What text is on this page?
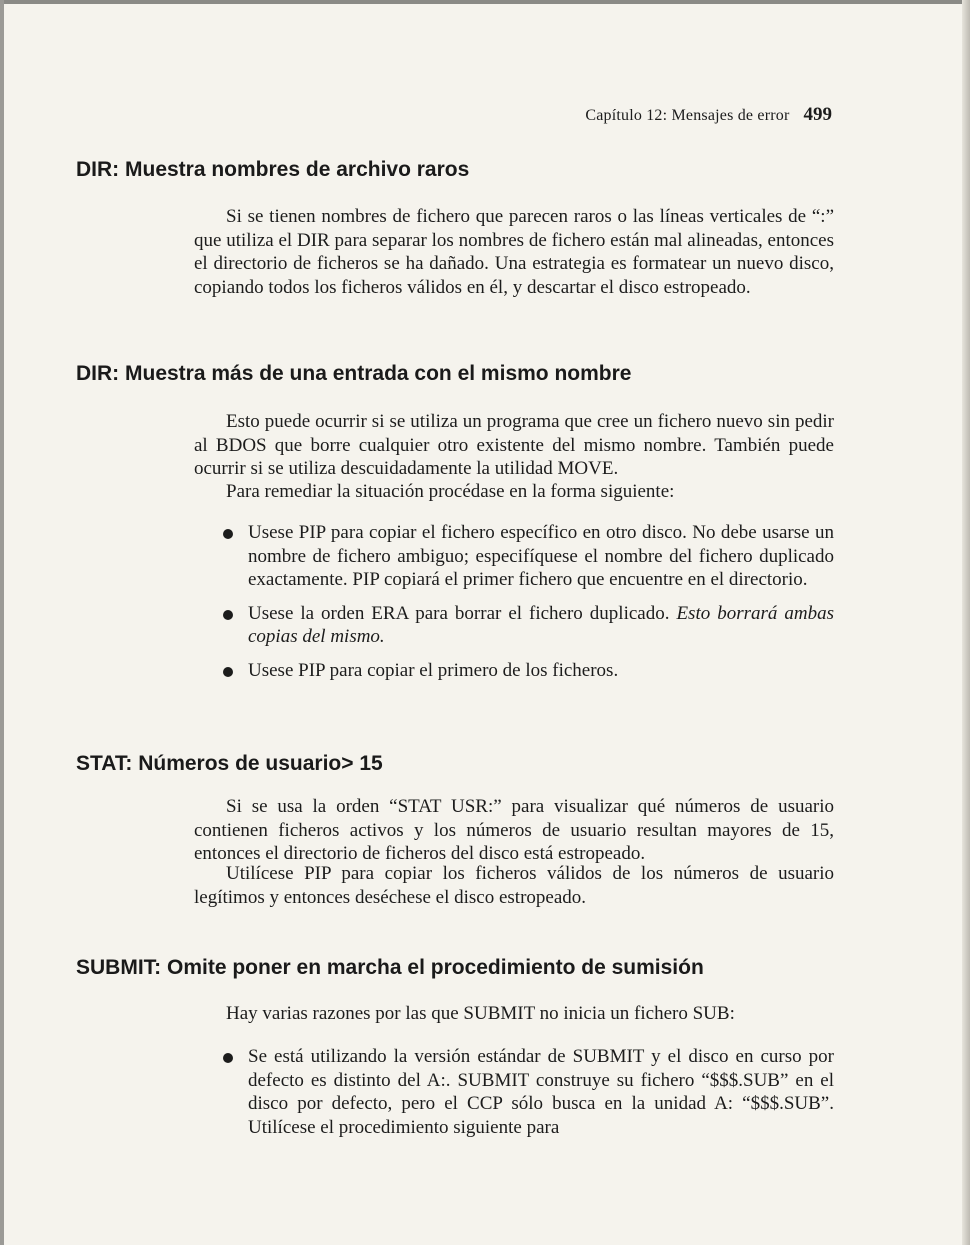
Capítulo 12: Mensajes de error 499
DIR: Muestra nombres de archivo raros

Si se tienen nombres de fichero que parecen raros o las líneas verticales de “:” que utiliza el DIR para separar los nombres de fichero están mal alineadas, entonces el directorio de ficheros se ha dañado. Una estrategia es formatear un nuevo disco, copiando todos los ficheros válidos en él, y descartar el disco estropeado.

DIR: Muestra más de una entrada con el mismo nombre

Esto puede ocurrir si se utiliza un programa que cree un fichero nuevo sin pedir al BDOS que borre cualquier otro existente del mismo nombre. También puede ocurrir si se utiliza descuidadamente la utilidad MOVE.

Para remediar la situación procédase en la forma siguiente:

Usese PIP para copiar el fichero específico en otro disco. No debe usarse un nombre de fichero ambiguo; especifíquese el nombre del fichero duplicado exactamente. PIP copiará el primer fichero que encuentre en el directorio.
Usese la orden ERA para borrar el fichero duplicado. Esto borrará ambas copias del mismo.
Usese PIP para copiar el primero de los ficheros.
STAT: Números de usuario> 15

Si se usa la orden “STAT USR:” para visualizar qué números de usuario contienen ficheros activos y los números de usuario resultan mayores de 15, entonces el directorio de ficheros del disco está estropeado.

Utilícese PIP para copiar los ficheros válidos de los números de usuario legítimos y entonces deséchese el disco estropeado.

SUBMIT: Omite poner en marcha el procedimiento de sumisión

Hay varias razones por las que SUBMIT no inicia un fichero SUB:

Se está utilizando la versión estándar de SUBMIT y el disco en curso por defecto es distinto del A:. SUBMIT construye su fichero “$$$.SUB” en el disco por defecto, pero el CCP sólo busca en la unidad A: “$$$.SUB”. Utilícese el procedimiento siguiente para
